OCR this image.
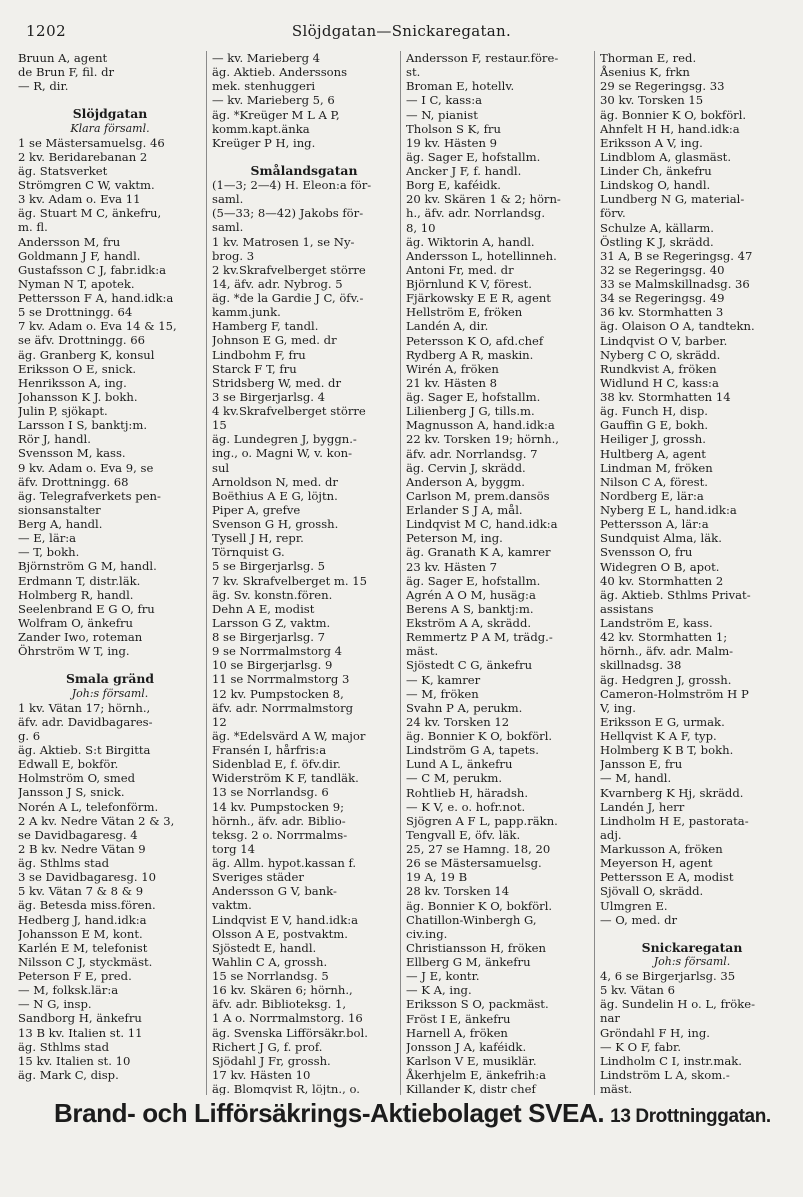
1202	Slöjdgatan—Snickaregatan.
Bruun A, agent
de Brun F, fil. dr
— R, dir.
Slöjdgatan
Klara församl.
1 se Mästersamuelsg. 46
2 kv. Beridarebanan 2
äg. Statsverket
Strömgren C W, vaktm.
3 kv. Adam o. Eva 11
äg. Stuart M C, änkefru,
m. fl.
Andersson M, fru
Goldmann J F, handl.
Gustafsson C J, fabr.idk:a
Nyman N T, apotek.
Pettersson F A, hand.idk:a
5 se Drottningg. 64
7 kv. Adam o. Eva 14 & 15,
se äfv. Drottningg. 66
äg. Granberg K, konsul
Eriksson O E, snick.
Henriksson A, ing.
Johansson K J. bokh.
Julin P, sjökapt.
Larsson I S, banktj:m.
Rör J, handl.
Svensson M, kass.
9 kv. Adam o. Eva 9, se
äfv. Drottningg. 68
äg. Telegrafverkets pen-
sionsanstalter
Berg A, handl.
— E, lär:a
— T, bokh.
Björnström G M, handl.
Erdmann T, distr.läk.
Holmberg R, handl.
Seelenbrand E G O, fru
Wolfram O, änkefru
Zander Iwo, roteman
Öhrström W T, ing.
Smala gränd
Joh:s församl.
1 kv. Vätan 17; hörnh.,
äfv. adr. Davidbagares-
g. 6
äg. Aktieb. S:t Birgitta
Edwall E, bokför.
Holmström O, smed
Jansson J S, snick.
Norén A L, telefonförm.
2 A kv. Nedre Vätan 2 & 3,
se Davidbagaresg. 4
2 B kv. Nedre Vätan 9
äg. Sthlms stad
3 se Davidbagaresg. 10
5 kv. Vätan 7 & 8 & 9
äg. Betesda miss.fören.
Hedberg J, hand.idk:a
Johansson E M, kont.
Karlén E M, telefonist
Nilsson C J, styckmäst.
Peterson F E, pred.
— M, folksk.lär:a
— N G, insp.
Sandborg H, änkefru
13 B kv. Italien st. 11
äg. Sthlms stad
15 kv. Italien st. 10
äg. Mark C, disp.
— kv. Marieberg 4
äg. Aktieb. Anderssons
mek. stenhuggeri
— kv. Marieberg 5, 6
äg. *Kreüger M L A P,
komm.kapt.änka
Kreüger P H, ing.
Smålandsgatan
(1—3; 2—4) H. Eleon:a för-
saml.
(5—33; 8—42) Jakobs för-
saml.
1 kv. Matrosen 1, se Ny-
brog. 3
2 kv.Skrafvelberget större
14, äfv. adr. Nybrog. 5
äg. *de la Gardie J C, öfv.-
kamm.junk.
Hamberg F, tandl.
Johnson E G, med. dr
Lindbohm F, fru
Starck F T, fru
Stridsberg W, med. dr
3 se Birgerjarlsg. 4
4 kv.Skrafvelberget större
15
äg. Lundegren J, byggn.-
ing., o. Magni W, v. kon-
sul
Arnoldson N, med. dr
Boëthius A E G, löjtn.
Piper A, grefve
Svenson G H, grossh.
Tysell J H, repr.
Törnquist G.
5 se Birgerjarlsg. 5
7 kv. Skrafvelberget m. 15
äg. Sv. konstn.fören.
Dehn A E, modist
Larsson G Z, vaktm.
8 se Birgerjarlsg. 7
9 se Norrmalmstorg 4
10 se Birgerjarlsg. 9
11 se Norrmalmstorg 3
12 kv. Pumpstocken 8,
äfv. adr. Norrmalmstorg
12
äg. *Edelsvärd A W, major
Fransén I, hårfris:a
Sidenblad E, f. öfv.dir.
Widerström K F, tandläk.
13 se Norrlandsg. 6
14 kv. Pumpstocken 9;
hörnh., äfv. adr. Biblio-
teksg. 2 o. Norrmalms-
torg 14
äg. Allm. hypot.kassan f.
Sveriges städer
Andersson G V, bank-
vaktm.
Lindqvist E V, hand.idk:a
Olsson A E, postvaktm.
Sjöstedt E, handl.
Wahlin C A, grossh.
15 se Norrlandsg. 5
16 kv. Skären 6; hörnh.,
äfv. adr. Biblioteksg. 1,
1 A o. Norrmalmstorg. 16
äg. Svenska Lifförsäkr.bol.
Richert J G, f. prof.
Sjödahl J Fr, grossh.
17 kv. Hästen 10
äg. Blomqvist R, löjtn., o.
Andersson F, restaur.före-
st.
Broman E, hotellv.
— I C, kass:a
— N, pianist
Tholson S K, fru
19 kv. Hästen 9
äg. Sager E, hofstallm.
Ancker J F, f. handl.
Borg E, kaféidk.
20 kv. Skären 1 & 2; hörn-
h., äfv. adr. Norrlandsg.
8, 10
äg. Wiktorin A, handl.
Andersson L, hotellinneh.
Antoni Fr, med. dr
Björnlund K V, förest.
Fjärkowsky E E R, agent
Hellström E, fröken
Landén A, dir.
Petersson K O, afd.chef
Rydberg A R, maskin.
Wirén A, fröken
21 kv. Hästen 8
äg. Sager E, hofstallm.
Lilienberg J G, tills.m.
Magnusson A, hand.idk:a
22 kv. Torsken 19; hörnh.,
äfv. adr. Norrlandsg. 7
äg. Cervin J, skrädd.
Anderson A, byggm.
Carlson M, prem.dansös
Erlander S J A, mål.
Lindqvist M C, hand.idk:a
Peterson M, ing.
äg. Granath K A, kamrer
23 kv. Hästen 7
äg. Sager E, hofstallm.
Agrén A O M, husäg:a
Berens A S, banktj:m.
Ekström A A, skrädd.
Remmertz P A M, trädg.-
mäst.
Sjöstedt C G, änkefru
— K, kamrer
— M, fröken
Svahn P A, perukm.
24 kv. Torsken 12
äg. Bonnier K O, bokförl.
Lindström G A, tapets.
Lund A L, änkefru
— C M, perukm.
Rohtlieb H, häradsh.
— K V, e. o. hofr.not.
Sjögren A F L, papp.räkn.
Tengvall E, öfv. läk.
25, 27 se Hamng. 18, 20
26 se Mästersamuelsg.
19 A, 19 B
28 kv. Torsken 14
äg. Bonnier K O, bokförl.
Chatillon-Winbergh G,
civ.ing.
Christiansson H, fröken
Ellberg G M, änkefru
— J E, kontr.
— K A, ing.
Eriksson S O, packmäst.
Fröst I E, änkefru
Harnell A, fröken
Jonsson J A, kaféidk.
Karlson V E, musiklär.
Åkerhjelm E, änkefrih:a
Killander K, distr chef
Thorman E, red.
Åsenius K, frkn
29 se Regeringsg. 33
30 kv. Torsken 15
äg. Bonnier K O, bokförl.
Ahnfelt H H, hand.idk:a
Eriksson A V, ing.
Lindblom A, glasmäst.
Linder Ch, änkefru
Lindskog O, handl.
Lundberg N G, material-
förv.
Schulze A, källarm.
Östling K J, skrädd.
31 A, B se Regeringsg. 47
32 se Regeringsg. 40
33 se Malmskillnadsg. 36
34 se Regeringsg. 49
36 kv. Stormhatten 3
äg. Olaison O A, tandtekn.
Lindqvist O V, barber.
Nyberg C O, skrädd.
Rundkvist A, fröken
Widlund H C, kass:a
38 kv. Stormhatten 14
äg. Funch H, disp.
Gauffin G E, bokh.
Heiliger J, grossh.
Hultberg A, agent
Lindman M, fröken
Nilson C A, förest.
Nordberg E, lär:a
Nyberg E L, hand.idk:a
Pettersson A, lär:a
Sundquist Alma, läk.
Svensson O, fru
Widegren O B, apot.
40 kv. Stormhatten 2
äg. Aktieb. Sthlms Privat-
assistans
Landström E, kass.
42 kv. Stormhatten 1;
hörnh., äfv. adr. Malm-
skillnadsg. 38
äg. Hedgren J, grossh.
Cameron-Holmström H P
V, ing.
Eriksson E G, urmak.
Hellqvist K A F, typ.
Holmberg K B T, bokh.
Jansson E, fru
— M, handl.
Kvarnberg K Hj, skrädd.
Landén J, herr
Lindholm H E, pastorata-
adj.
Markusson A, fröken
Meyerson H, agent
Pettersson E A, modist
Sjövall O, skrädd.
Ulmgren E.
— O, med. dr
Snickaregatan
Joh:s församl.
4, 6 se Birgerjarlsg. 35
5 kv. Vätan 6
äg. Sundelin H o. L, fröke-
nar
Gröndahl F H, ing.
— K O F, fabr.
Lindholm C I, instr.mak.
Lindström L A, skom.-
mäst.
Brand- och Lifförsäkrings-Aktiebolaget SVEA. 13 Drottninggatan.
